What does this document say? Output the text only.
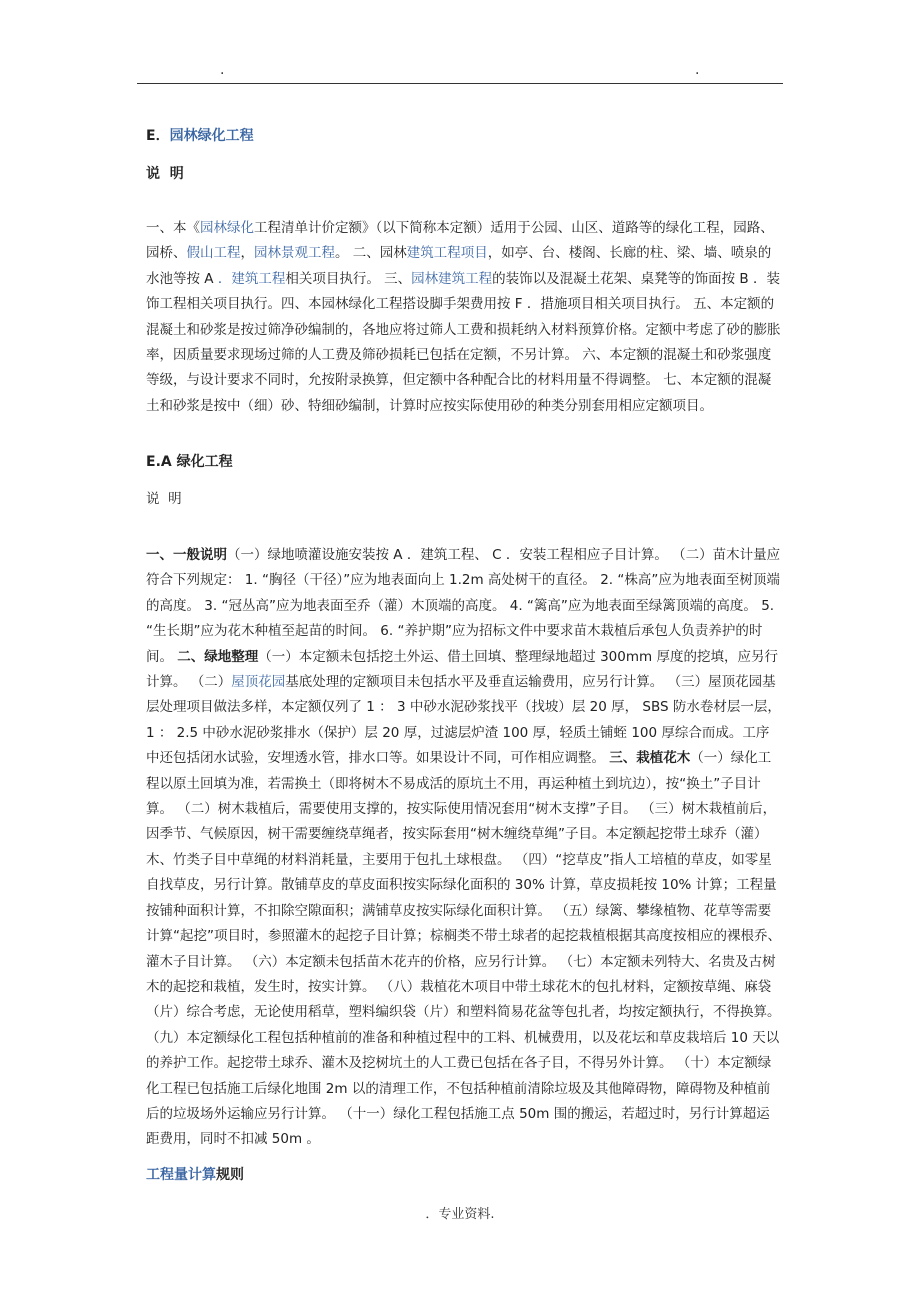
.	.
E．园林绿化工程
说  明
一、本《园林绿化工程清单计价定额》（以下简称本定额）适用于公园、山区、道路等的绿化工程，园路、园桥、假山工程，园林景观工程。 二、园林建筑工程项目，如亭、台、楼阁、长廊的柱、梁、墙、喷泉的水池等按 A ．建筑工程相关项目执行。 三、园林建筑工程的装饰以及混凝土花架、桌凳等的饰面按 B ．装饰工程相关项目执行。四、本园林绿化工程搭设脚手架费用按 F ．措施项目相关项目执行。 五、本定额的混凝土和砂浆是按过筛净砂编制的，各地应将过筛人工费和损耗纳入材料预算价格。定额中考虑了砂的膨胀率，因质量要求现场过筛的人工费及筛砂损耗已包括在定额，不另计算。 六、本定额的混凝土和砂浆强度等级，与设计要求不同时，允按附录换算，但定额中各种配合比的材料用量不得调整。 七、本定额的混凝土和砂浆是按中（细）砂、特细砂编制，计算时应按实际使用砂的种类分别套用相应定额项目。
E.A 绿化工程
说  明
一、一般说明（一）绿地喷灌设施安装按 A ．建筑工程、 C ．安装工程相应子目计算。 （二）苗木计量应符合下列规定： 1. “胸径（干径）”应为地表面向上 1.2m 高处树干的直径。 2. “株高”应为地表面至树顶端的高度。 3. “冠丛高”应为地表面至乔（灌）木顶端的高度。 4. “篱高”应为地表面至绿篱顶端的高度。 5. “生长期”应为花木种植至起苗的时间。 6. “养护期”应为招标文件中要求苗木栽植后承包人负责养护的时间。 二、绿地整理（一）本定额未包括挖土外运、借土回填、整理绿地超过 300mm 厚度的挖填，应另行计算。 （二）屋顶花园基底处理的定额项目未包括水平及垂直运输费用，应另行计算。 （三）屋顶花园基层处理项目做法多样，本定额仅列了 1 ： 3 中砂水泥砂浆找平（找坡）层 20 厚， SBS 防水卷材层一层， 1 ： 2.5 中砂水泥砂浆排水（保护）层 20 厚，过滤层炉渣 100 厚，轻质土铺蛭 100 厚综合而成。工序中还包括闭水试验，安埋透水管，排水口等。如果设计不同，可作相应调整。 三、栽植花木（一）绿化工程以原土回填为准，若需换土（即将树木不易成活的原坑土不用，再运种植土到坑边），按“换土”子目计算。 （二）树木栽植后，需要使用支撑的，按实际使用情况套用“树木支撑”子目。 （三）树木栽植前后，因季节、气候原因，树干需要缠绕草绳者，按实际套用“树木缠绕草绳”子目。本定额起挖带土球乔（灌）木、竹类子目中草绳的材料消耗量，主要用于包扎土球根盘。 （四）“挖草皮”指人工培植的草皮，如零星自找草皮，另行计算。散铺草皮的草皮面积按实际绿化面积的 30% 计算，草皮损耗按 10% 计算；工程量按铺种面积计算，不扣除空隙面积；满铺草皮按实际绿化面积计算。 （五）绿篱、攀缘植物、花草等需要计算“起挖”项目时，参照灌木的起挖子目计算；棕榈类不带土球者的起挖栽植根据其高度按相应的裸根乔、灌木子目计算。 （六）本定额未包括苗木花卉的价格，应另行计算。 （七）本定额未列特大、名贵及古树木的起挖和栽植，发生时，按实计算。 （八）栽植花木项目中带土球花木的包扎材料，定额按草绳、麻袋（片）综合考虑，无论使用稻草，塑料编织袋（片）和塑料简易花盆等包扎者，均按定额执行，不得换算。 （九）本定额绿化工程包括种植前的准备和种植过程中的工料、机械费用，以及花坛和草皮栽培后 10 天以的养护工作。起挖带土球乔、灌木及挖树坑土的人工费已包括在各子目，不得另外计算。 （十）本定额绿化工程已包括施工后绿化地围 2m 以的清理工作，不包括种植前清除垃圾及其他障碍物，障碍物及种植前后的垃圾场外运输应另行计算。 （十一）绿化工程包括施工点 50m 围的搬运，若超过时，另行计算超运距费用，同时不扣减 50m 。
工程量计算规则
．专业资料.
